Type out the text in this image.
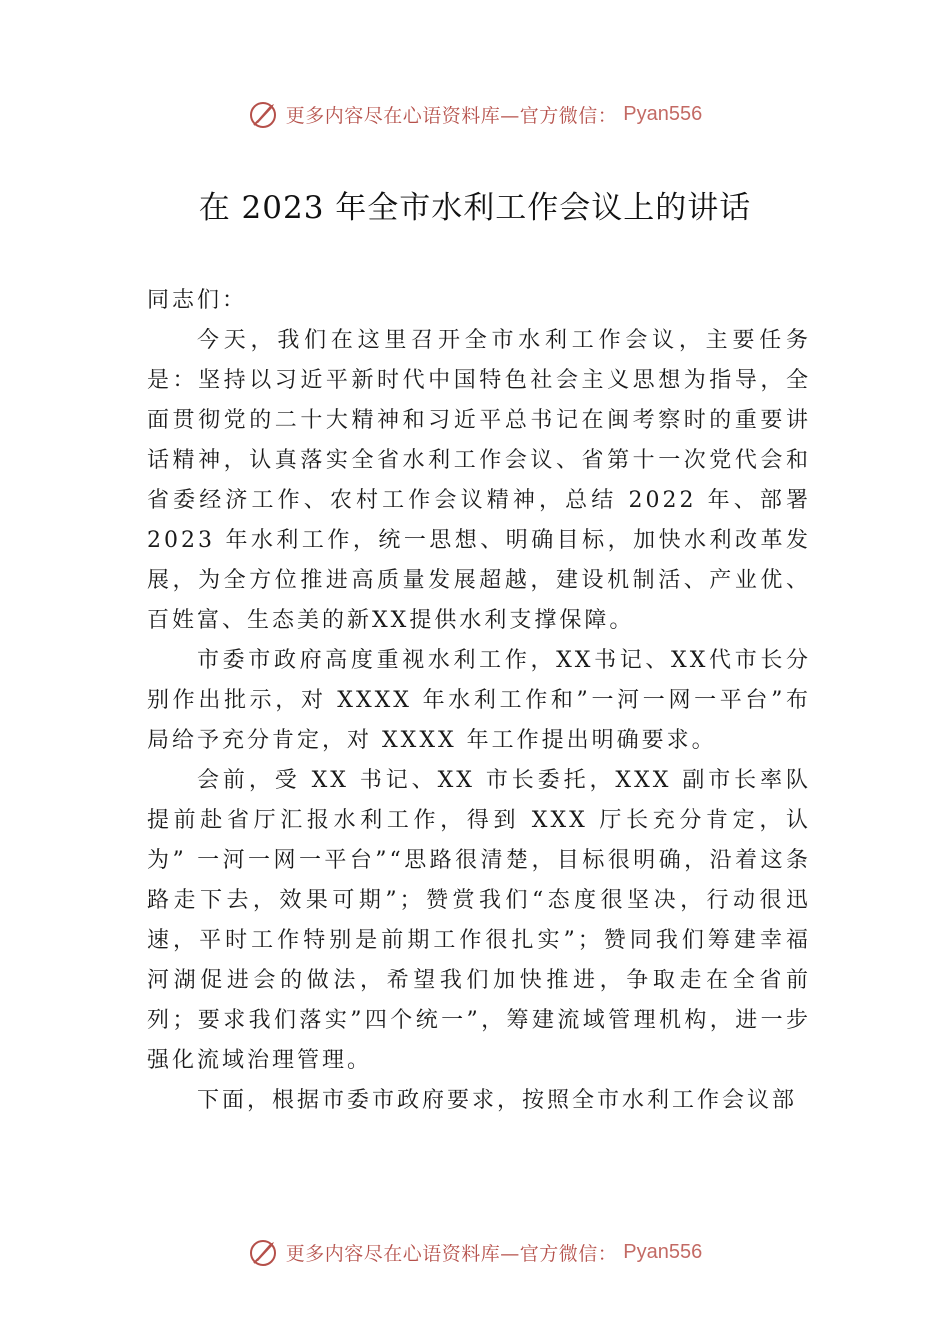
更多内容尽在心语资料库—官方微信： Pyan556
在 2023 年全市水利工作会议上的讲话

同志们：

今天，我们在这里召开全市水利工作会议，主要任务是：坚持以习近平新时代中国特色社会主义思想为指导，全面贯彻党的二十大精神和习近平总书记在闽考察时的重要讲话精神，认真落实全省水利工作会议、省第十一次党代会和省委经济工作、农村工作会议精神，总结 2022 年、部署 2023 年水利工作，统一思想、明确目标，加快水利改革发展，为全方位推进高质量发展超越，建设机制活、产业优、百姓富、生态美的新XX提供水利支撑保障。

市委市政府高度重视水利工作，XX书记、XX代市长分别作出批示，对 XXXX 年水利工作和”一河一网一平台”布局给予充分肯定，对 XXXX 年工作提出明确要求。

会前，受 XX 书记、XX 市长委托，XXX 副市长率队提前赴省厅汇报水利工作，得到 XXX 厅长充分肯定，认为” 一河一网一平台”“思路很清楚，目标很明确，沿着这条路走下去，效果可期”；赞赏我们“态度很坚决，行动很迅速，平时工作特别是前期工作很扎实”；赞同我们筹建幸福河湖促进会的做法，希望我们加快推进，争取走在全省前列；要求我们落实”四个统一”，筹建流域管理机构，进一步强化流域治理管理。

下面，根据市委市政府要求，按照全市水利工作会议部

更多内容尽在心语资料库—官方微信： Pyan556
